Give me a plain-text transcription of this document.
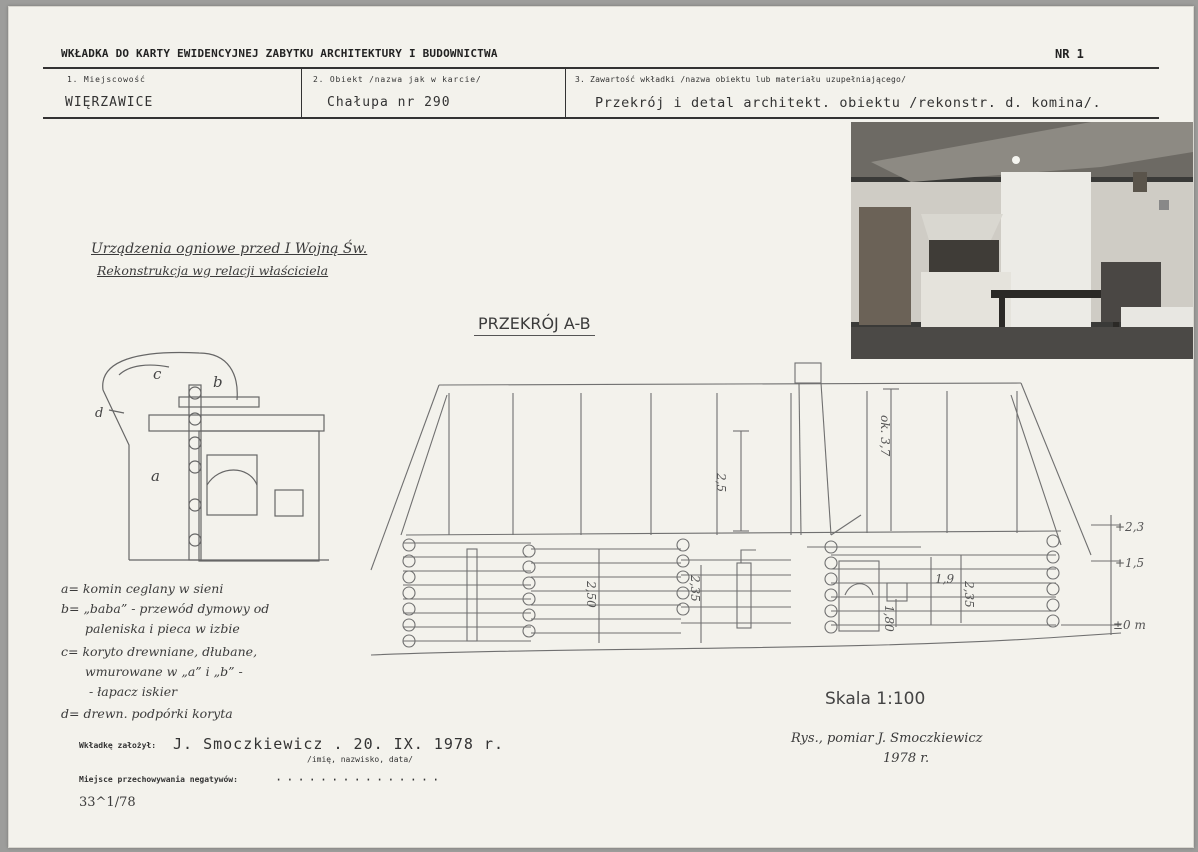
WKŁADKA DO KARTY EWIDENCYJNEJ ZABYTKU ARCHITEKTURY I BUDOWNICTWA	NR 1
1. Miejscowość
WIĘRZAWICE
2. Obiekt /nazwa jak w karcie/
Chałupa nr 290
3. Zawartość wkładki /nazwa obiektu lub materiału uzupełniającego/
Przekrój i detal architekt. obiektu /rekonstr. d. komina/.
Urządzenia ogniowe przed I Wojną Św.
Rekonstrukcja wg relacji właściciela
PRZEKRÓJ A-B
c	b
d
a
a= komin ceglany w sieni
b= „baba” - przewód dymowy od
paleniska i pieca w izbie
c= koryto drewniane, dłubane,
wmurowane w „a” i „b” -
- łapacz iskier
d= drewn. podpórki koryta
2,5
ok. 3,7
2,50	2,35	1,9
2,35
1,80
+2,3
+1,5
±0 m
Skala 1:100
Rys., pomiar J. Smoczkiewicz
1978 r.
Wkładkę założył: J. Smoczkiewicz . 20. IX. 1978 r.
/imię, nazwisko, data/
Miejsce przechowywania negatywów:	···············
33^1/78
